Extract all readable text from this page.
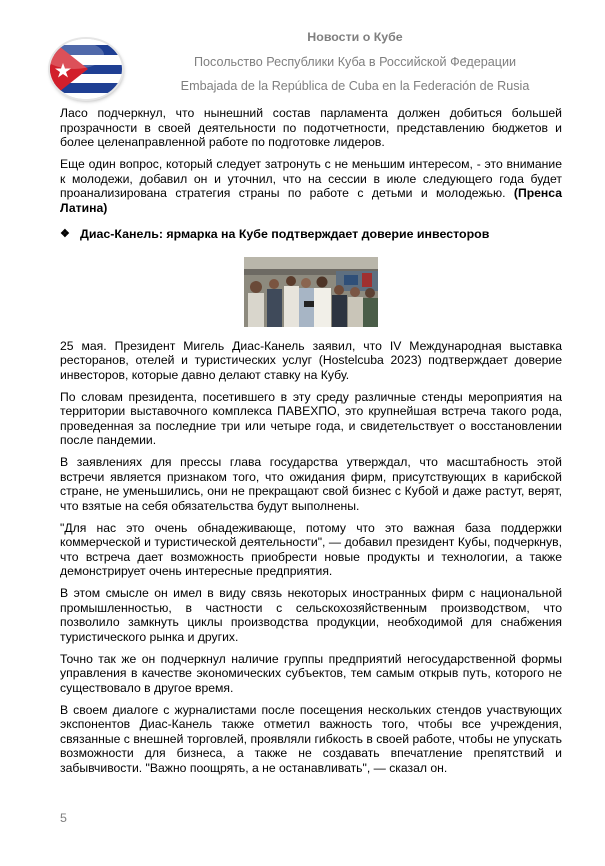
Новости о Кубе
Посольство Республики Куба в Российской Федерации
Embajada de la República de Cuba en la Federación de Rusia

Ласо подчеркнул, что нынешний состав парламента должен добиться большей прозрачности в своей деятельности по подотчетности, представлению бюджетов и более целенаправленной работе по подготовке лидеров.

Еще один вопрос, который следует затронуть с не меньшим интересом, - это внимание к молодежи, добавил он и уточнил, что на сессии в июле следующего года будет проанализирована стратегия страны по работе с детьми и молодежью. (Пренса Латина)

❖ Диас-Канель: ярмарка на Кубе подтверждает доверие инвесторов

25 мая. Президент Мигель Диас-Канель заявил, что IV Международная выставка ресторанов, отелей и туристических услуг (Hostelcuba 2023) подтверждает доверие инвесторов, которые давно делают ставку на Кубу.

По словам президента, посетившего в эту среду различные стенды мероприятия на территории выставочного комплекса ПАВЕХПО, это крупнейшая встреча такого рода, проведенная за последние три или четыре года, и свидетельствует о восстановлении после пандемии.

В заявлениях для прессы глава государства утверждал, что масштабность этой встречи является признаком того, что ожидания фирм, присутствующих в карибской стране, не уменьшились, они не прекращают свой бизнес с Кубой и даже растут, верят, что взятые на себя обязательства будут выполнены.

"Для нас это очень обнадеживающе, потому что это важная база поддержки коммерческой и туристической деятельности", — добавил президент Кубы, подчеркнув, что встреча дает возможность приобрести новые продукты и технологии, а также демонстрирует очень интересные предприятия.

В этом смысле он имел в виду связь некоторых иностранных фирм с национальной промышленностью, в частности с сельскохозяйственным производством, что позволило замкнуть циклы производства продукции, необходимой для снабжения туристического рынка и других.

Точно так же он подчеркнул наличие группы предприятий негосударственной формы управления в качестве экономических субъектов, тем самым открыв путь, которого не существовало в другое время.

В своем диалоге с журналистами после посещения нескольких стендов участвующих экспонентов Диас-Канель также отметил важность того, чтобы все учреждения, связанные с внешней торговлей, проявляли гибкость в своей работе, чтобы не упускать возможности для бизнеса, а также не создавать впечатление препятствий и забывчивости. "Важно поощрять, а не останавливать", — сказал он.

5
